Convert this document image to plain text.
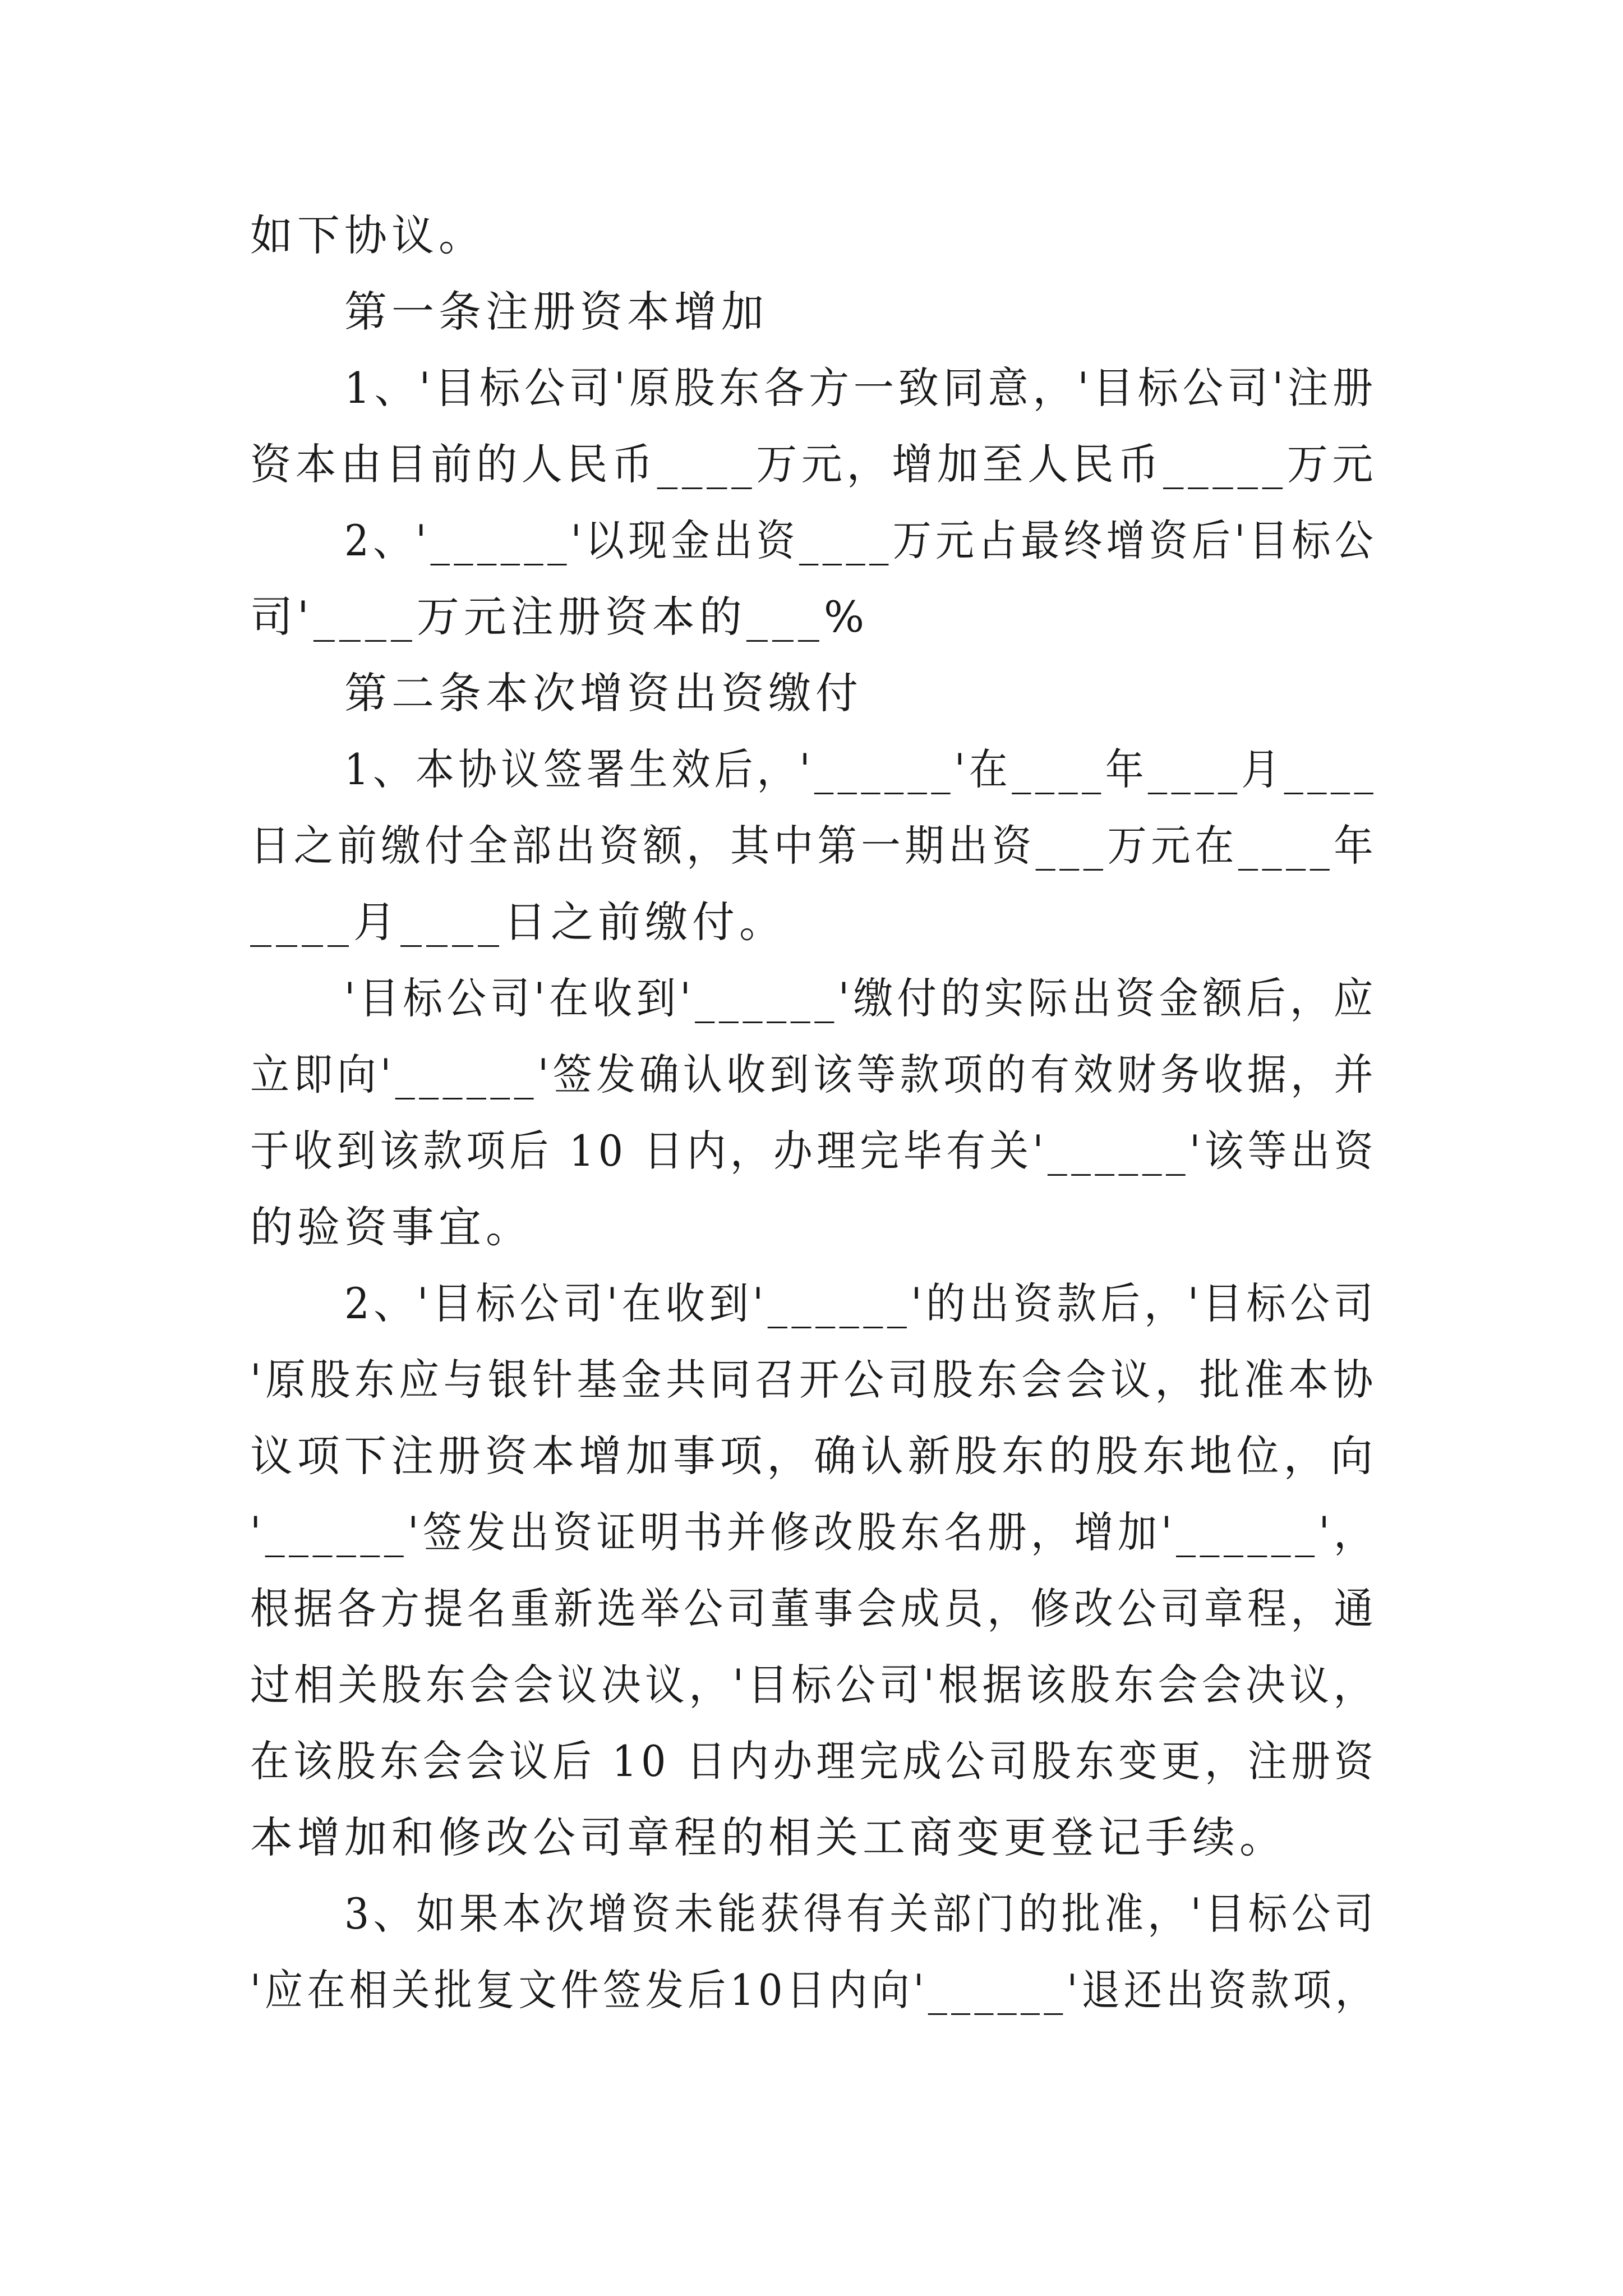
如下协议。
第一条注册资本增加
1、'目标公司'原股东各方一致同意，'目标公司'注册
资本由目前的人民币____万元，增加至人民币_____万元
2、'______'以现金出资____万元占最终增资后'目标公
司'____万元注册资本的___%
第二条本次增资出资缴付
1、本协议签署生效后，'______'在____年____月____
日之前缴付全部出资额，其中第一期出资___万元在____年
____月____日之前缴付。
'目标公司'在收到'______'缴付的实际出资金额后，应
立即向'______'签发确认收到该等款项的有效财务收据，并
于收到该款项后 10 日内，办理完毕有关'______'该等出资
的验资事宜。
2、'目标公司'在收到'______'的出资款后，'目标公司
'原股东应与银针基金共同召开公司股东会会议，批准本协
议项下注册资本增加事项，确认新股东的股东地位，向
'______'签发出资证明书并修改股东名册，增加'______'，
根据各方提名重新选举公司董事会成员，修改公司章程，通
过相关股东会会议决议，'目标公司'根据该股东会会决议，
在该股东会会议后 10 日内办理完成公司股东变更，注册资
本增加和修改公司章程的相关工商变更登记手续。
3、如果本次增资未能获得有关部门的批准，'目标公司
'应在相关批复文件签发后10日内向'______'退还出资款项，
